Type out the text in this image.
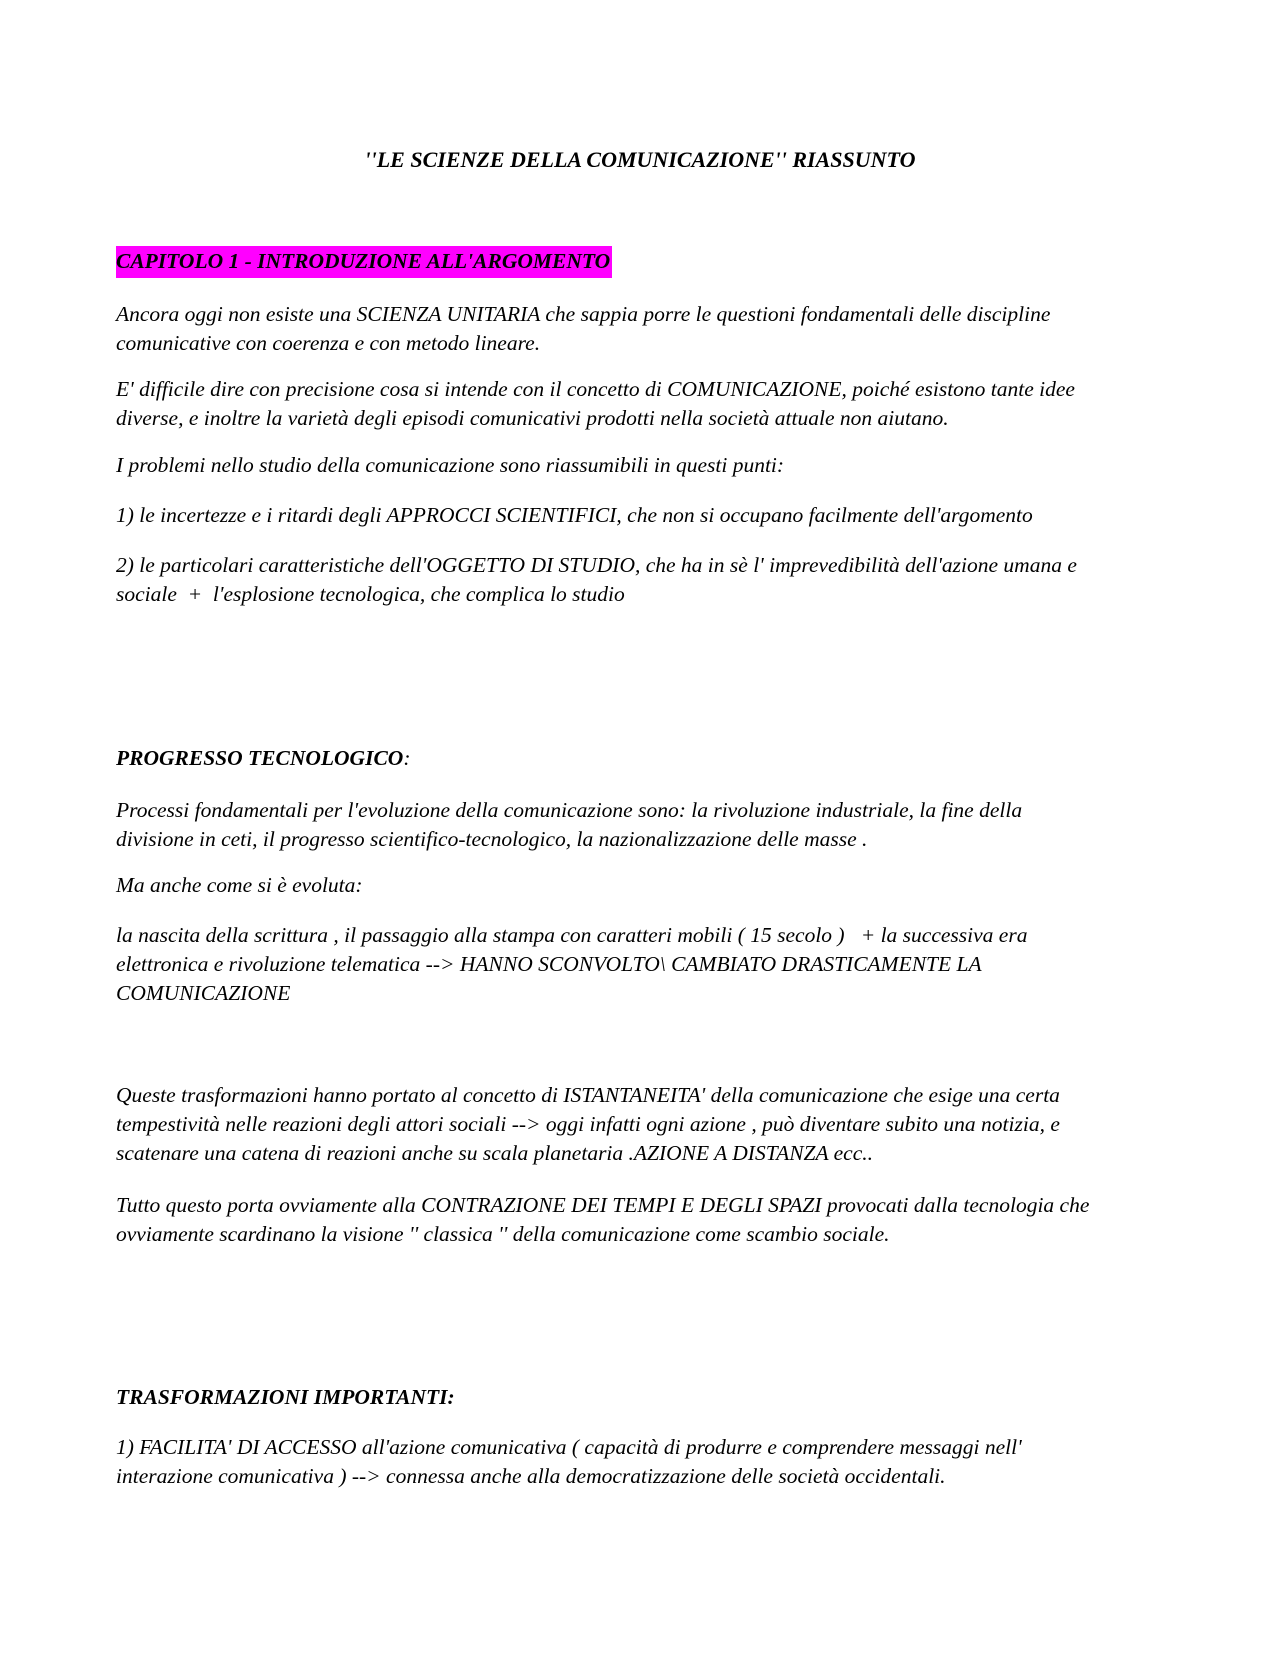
''LE SCIENZE DELLA COMUNICAZIONE'' RIASSUNTO

CAPITOLO 1 - INTRODUZIONE ALL'ARGOMENTO

Ancora oggi non esiste una SCIENZA UNITARIA che sappia porre le questioni fondamentali delle discipline
comunicative con coerenza e con metodo lineare.

E' difficile dire con precisione cosa si intende con il concetto di COMUNICAZIONE, poiché esistono tante idee
diverse, e inoltre la varietà degli episodi comunicativi prodotti nella società attuale non aiutano.

I problemi nello studio della comunicazione sono riassumibili in questi punti:

1) le incertezze e i ritardi degli APPROCCI SCIENTIFICI, che non si occupano facilmente dell'argomento

2) le particolari caratteristiche dell'OGGETTO DI STUDIO, che ha in sè l' imprevedibilità dell'azione umana e
sociale  +  l'esplosione tecnologica, che complica lo studio

PROGRESSO TECNOLOGICO:

Processi fondamentali per l'evoluzione della comunicazione sono: la rivoluzione industriale, la fine della
divisione in ceti, il progresso scientifico-tecnologico, la nazionalizzazione delle masse .

Ma anche come si è evoluta:

la nascita della scrittura , il passaggio alla stampa con caratteri mobili ( 15 secolo )   + la successiva era
elettronica e rivoluzione telematica --> HANNO SCONVOLTO\ CAMBIATO DRASTICAMENTE LA
COMUNICAZIONE

Queste trasformazioni hanno portato al concetto di ISTANTANEITA' della comunicazione che esige una certa
tempestività nelle reazioni degli attori sociali --> oggi infatti ogni azione , può diventare subito una notizia, e
scatenare una catena di reazioni anche su scala planetaria .AZIONE A DISTANZA ecc..

Tutto questo porta ovviamente alla CONTRAZIONE DEI TEMPI E DEGLI SPAZI provocati dalla tecnologia che
ovviamente scardinano la visione '' classica '' della comunicazione come scambio sociale.

TRASFORMAZIONI IMPORTANTI:

1) FACILITA' DI ACCESSO all'azione comunicativa ( capacità di produrre e comprendere messaggi nell'
interazione comunicativa ) --> connessa anche alla democratizzazione delle società occidentali.
